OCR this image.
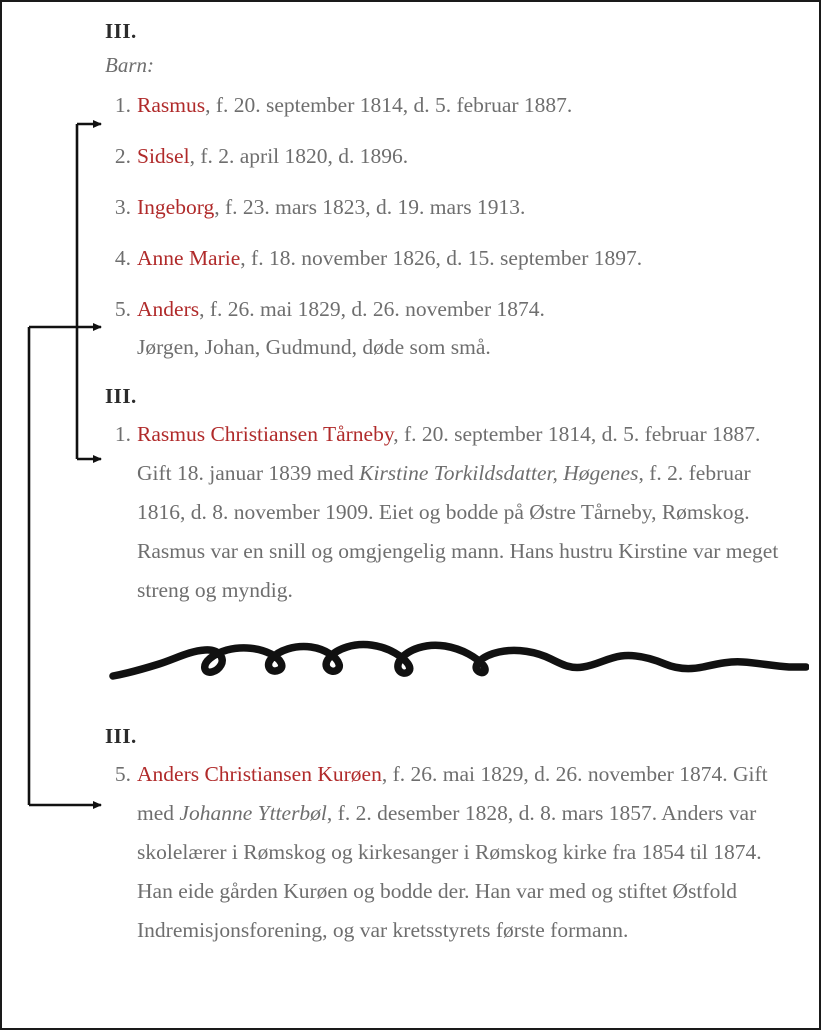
III.
Barn:
1. Rasmus, f. 20. september 1814, d. 5. februar 1887.
2. Sidsel, f. 2. april 1820, d. 1896.
3. Ingeborg, f. 23. mars 1823, d. 19. mars 1913.
4. Anne Marie, f. 18. november 1826, d. 15. september 1897.
5. Anders, f. 26. mai 1829, d. 26. november 1874.
Jørgen, Johan, Gudmund, døde som små.
III.
1. Rasmus Christiansen Tårneby, f. 20. september 1814, d. 5. februar 1887. Gift 18. januar 1839 med Kirstine Torkildsdatter, Høgenes, f. 2. februar 1816, d. 8. november 1909. Eiet og bodde på Østre Tårneby, Rømskog. Rasmus var en snill og omgjengelig mann. Hans hustru Kirstine var meget streng og myndig.
III.
5. Anders Christiansen Kurøen, f. 26. mai 1829, d. 26. november 1874. Gift med Johanne Ytterbøl, f. 2. desember 1828, d. 8. mars 1857. Anders var skolelærer i Rømskog og kirkesanger i Rømskog kirke fra 1854 til 1874. Han eide gården Kurøen og bodde der. Han var med og stiftet Østfold Indremisjonsforening, og var kretsstyrets første formann.
